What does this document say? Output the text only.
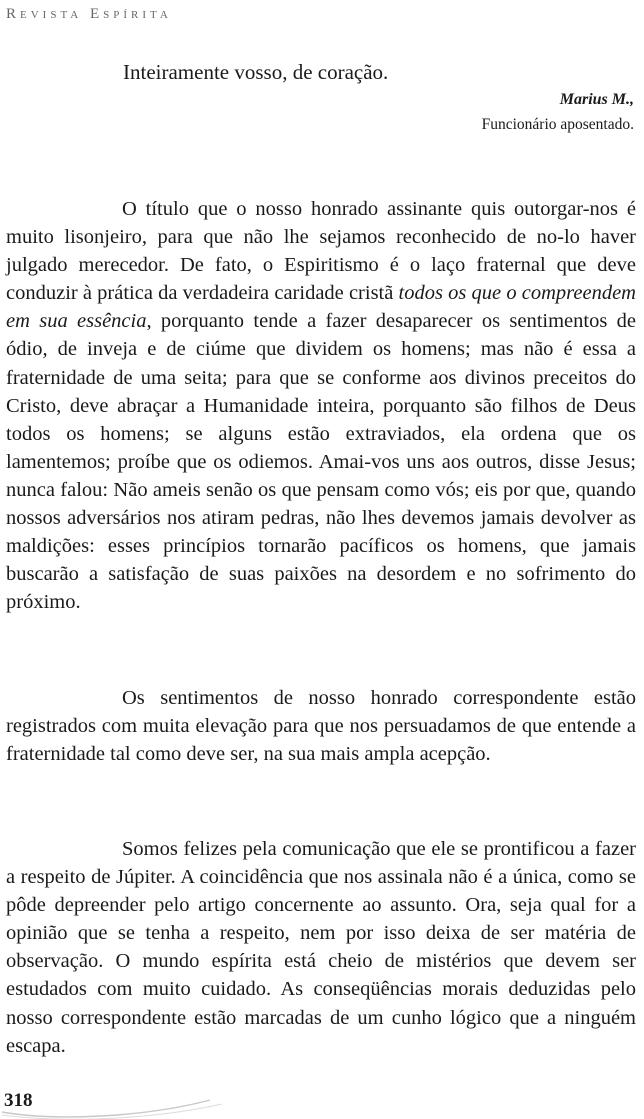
Revista Espírita
Inteiramente vosso, de coração.
Marius M.,
Funcionário aposentado.

O título que o nosso honrado assinante quis outorgar-nos é muito lisonjeiro, para que não lhe sejamos reconhecido de no-lo haver julgado merecedor. De fato, o Espiritismo é o laço fraternal que deve conduzir à prática da verdadeira caridade cristã todos os que o compreendem em sua essência, porquanto tende a fazer desaparecer os sentimentos de ódio, de inveja e de ciúme que dividem os homens; mas não é essa a fraternidade de uma seita; para que se conforme aos divinos preceitos do Cristo, deve abraçar a Humanidade inteira, porquanto são filhos de Deus todos os homens; se alguns estão extraviados, ela ordena que os lamentemos; proíbe que os odiemos. Amai-vos uns aos outros, disse Jesus; nunca falou: Não ameis senão os que pensam como vós; eis por que, quando nossos adversários nos atiram pedras, não lhes devemos jamais devolver as maldições: esses princípios tornarão pacíficos os homens, que jamais buscarão a satisfação de suas paixões na desordem e no sofrimento do próximo.

Os sentimentos de nosso honrado correspondente estão registrados com muita elevação para que nos persuadamos de que entende a fraternidade tal como deve ser, na sua mais ampla acepção.

Somos felizes pela comunicação que ele se prontificou a fazer a respeito de Júpiter. A coincidência que nos assinala não é a única, como se pôde depreender pelo artigo concernente ao assunto. Ora, seja qual for a opinião que se tenha a respeito, nem por isso deixa de ser matéria de observação. O mundo espírita está cheio de mistérios que devem ser estudados com muito cuidado. As conseqüências morais deduzidas pelo nosso correspondente estão marcadas de um cunho lógico que a ninguém escapa.

318
